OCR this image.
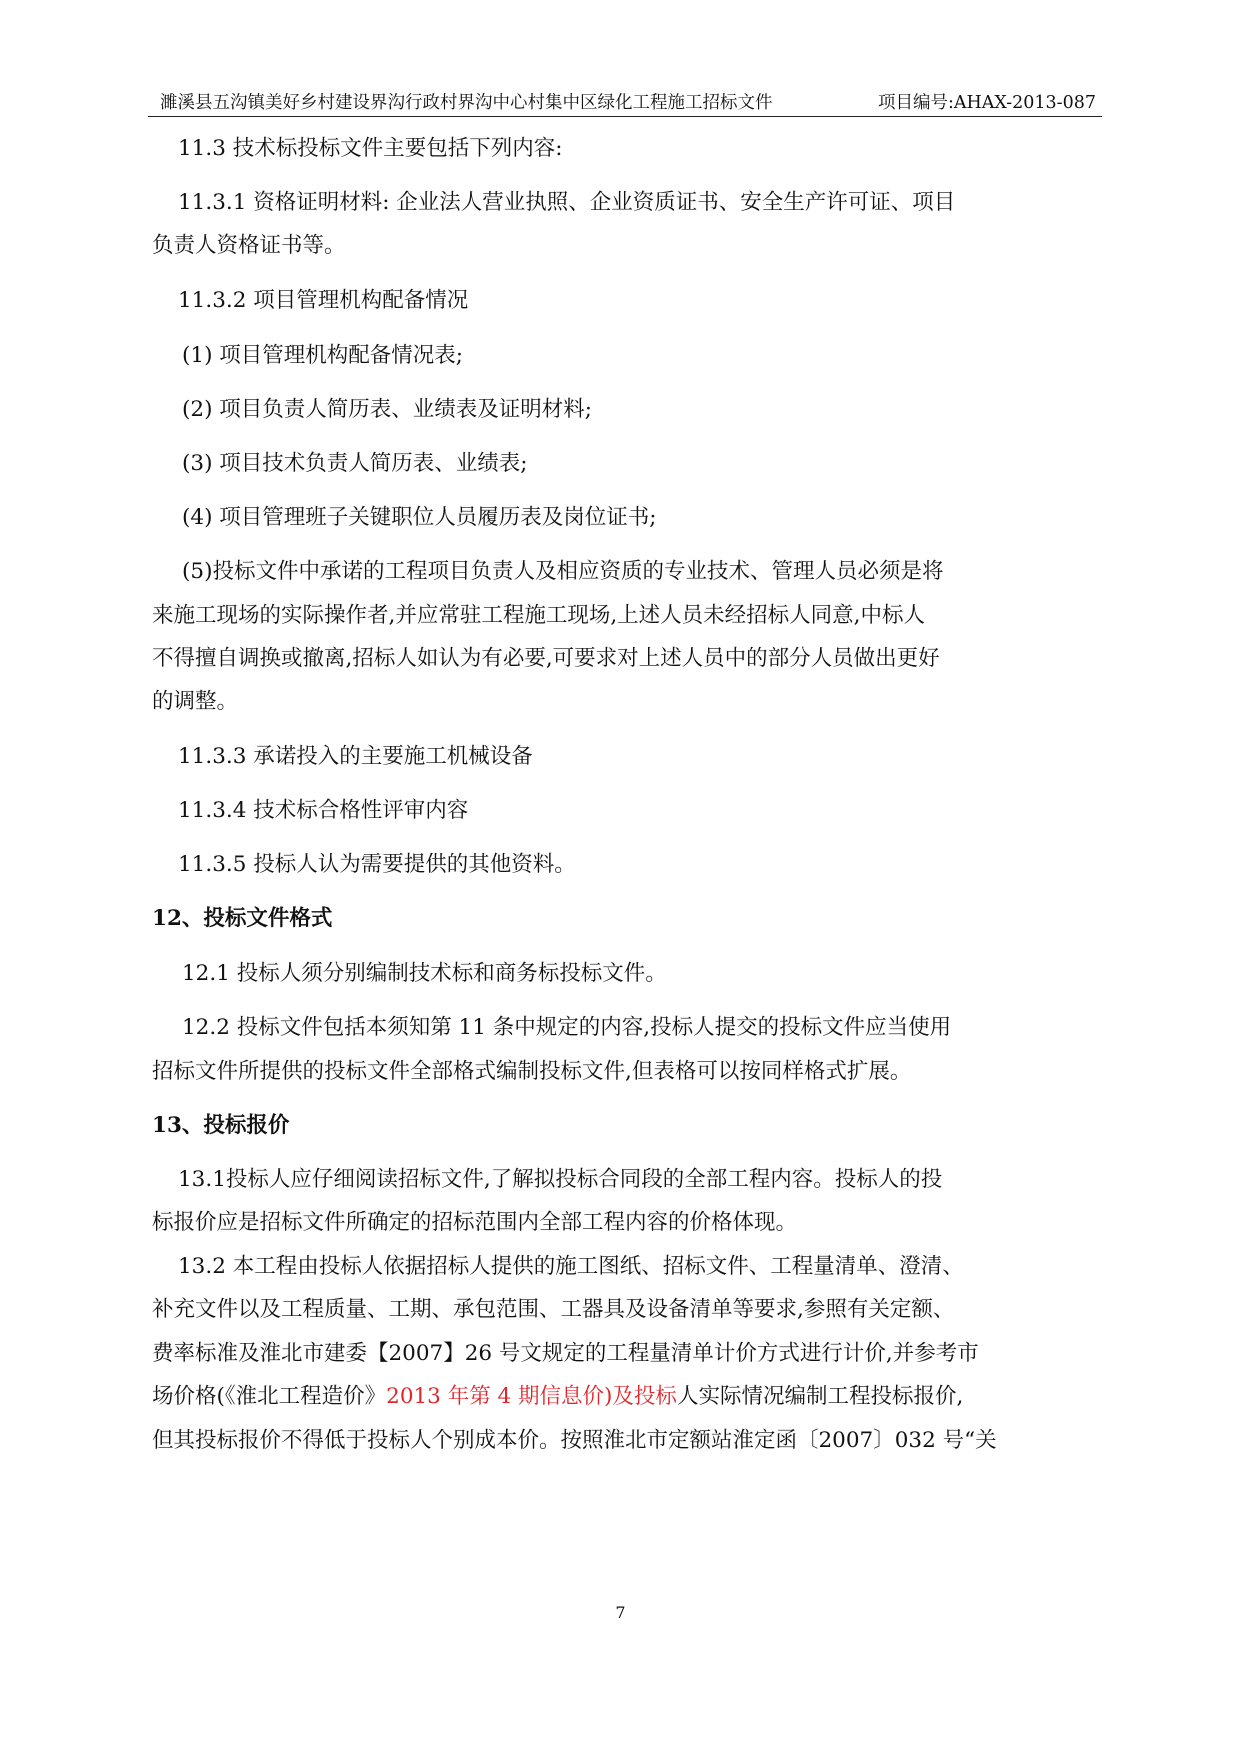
濉溪县五沟镇美好乡村建设界沟行政村界沟中心村集中区绿化工程施工招标文件	项目编号:AHAX-2013-087
11.3 技术标投标文件主要包括下列内容:
11.3.1 资格证明材料: 企业法人营业执照、企业资质证书、安全生产许可证、项目
负责人资格证书等。
11.3.2 项目管理机构配备情况
(1) 项目管理机构配备情况表;
(2) 项目负责人简历表、业绩表及证明材料;
(3) 项目技术负责人简历表、业绩表;
(4) 项目管理班子关键职位人员履历表及岗位证书;
(5)投标文件中承诺的工程项目负责人及相应资质的专业技术、管理人员必须是将
来施工现场的实际操作者,并应常驻工程施工现场,上述人员未经招标人同意,中标人
不得擅自调换或撤离,招标人如认为有必要,可要求对上述人员中的部分人员做出更好
的调整。
11.3.3 承诺投入的主要施工机械设备
11.3.4 技术标合格性评审内容
11.3.5 投标人认为需要提供的其他资料。
12、投标文件格式
12.1 投标人须分别编制技术标和商务标投标文件。
12.2 投标文件包括本须知第 11 条中规定的内容,投标人提交的投标文件应当使用
招标文件所提供的投标文件全部格式编制投标文件,但表格可以按同样格式扩展。
13、投标报价
13.1投标人应仔细阅读招标文件,了解拟投标合同段的全部工程内容。投标人的投
标报价应是招标文件所确定的招标范围内全部工程内容的价格体现。
13.2 本工程由投标人依据招标人提供的施工图纸、招标文件、工程量清单、澄清、
补充文件以及工程质量、工期、承包范围、工器具及设备清单等要求,参照有关定额、
费率标准及淮北市建委【2007】26 号文规定的工程量清单计价方式进行计价,并参考市
场价格(《淮北工程造价》2013 年第 4 期信息价)及投标人实际情况编制工程投标报价,
但其投标报价不得低于投标人个别成本价。按照淮北市定额站淮定函〔2007〕032 号“关
7
